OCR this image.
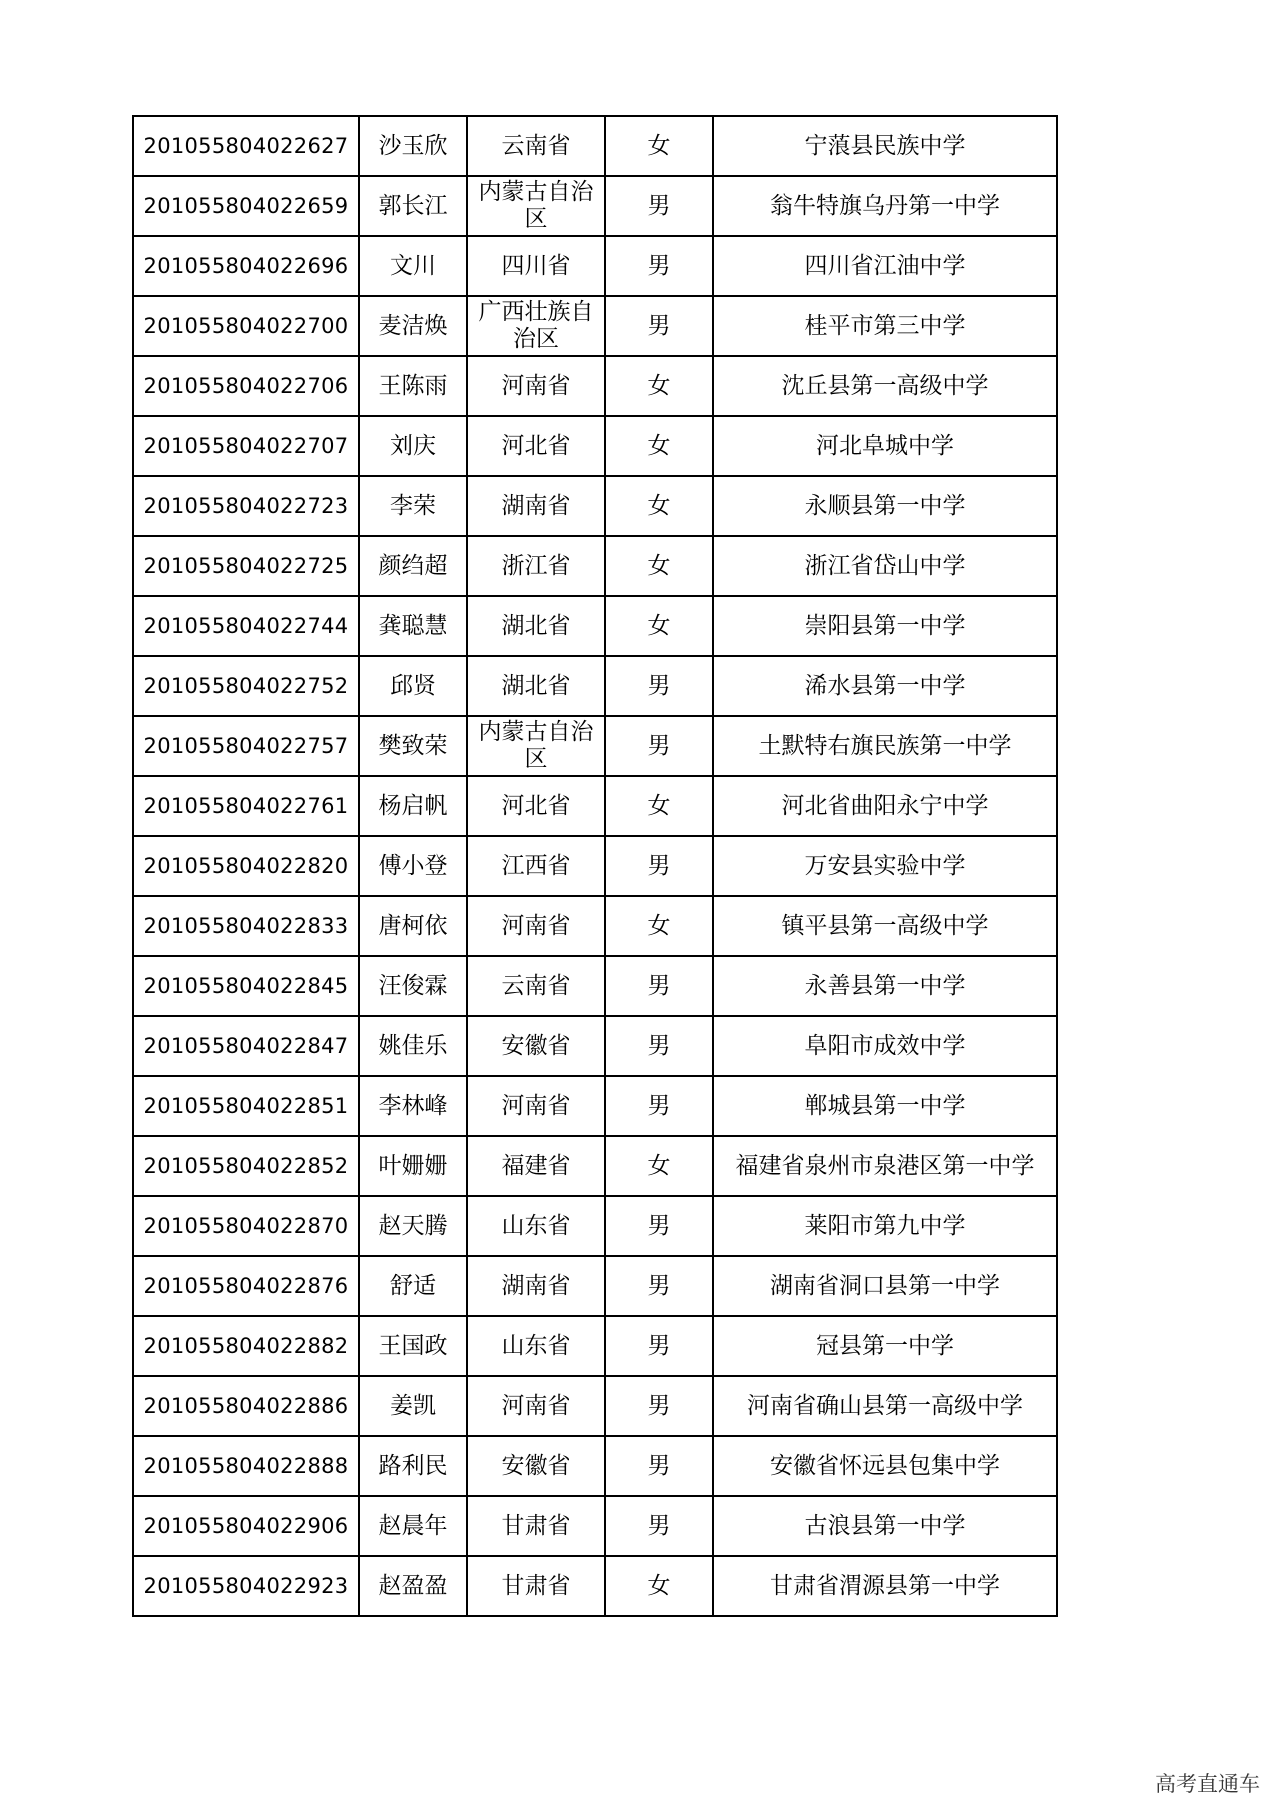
201055804022627	沙玉欣	云南省	女	宁蒗县民族中学
201055804022659	郭长江	内蒙古自治区	男	翁牛特旗乌丹第一中学
201055804022696	文川	四川省	男	四川省江油中学
201055804022700	麦洁焕	广西壮族自治区	男	桂平市第三中学
201055804022706	王陈雨	河南省	女	沈丘县第一高级中学
201055804022707	刘庆	河北省	女	河北阜城中学
201055804022723	李荣	湖南省	女	永顺县第一中学
201055804022725	颜绉超	浙江省	女	浙江省岱山中学
201055804022744	龚聪慧	湖北省	女	崇阳县第一中学
201055804022752	邱贤	湖北省	男	浠水县第一中学
201055804022757	樊致荣	内蒙古自治区	男	土默特右旗民族第一中学
201055804022761	杨启帆	河北省	女	河北省曲阳永宁中学
201055804022820	傅小登	江西省	男	万安县实验中学
201055804022833	唐柯依	河南省	女	镇平县第一高级中学
201055804022845	汪俊霖	云南省	男	永善县第一中学
201055804022847	姚佳乐	安徽省	男	阜阳市成效中学
201055804022851	李林峰	河南省	男	郸城县第一中学
201055804022852	叶姗姗	福建省	女	福建省泉州市泉港区第一中学
201055804022870	赵天腾	山东省	男	莱阳市第九中学
201055804022876	舒适	湖南省	男	湖南省洞口县第一中学
201055804022882	王国政	山东省	男	冠县第一中学
201055804022886	姜凯	河南省	男	河南省确山县第一高级中学
201055804022888	路利民	安徽省	男	安徽省怀远县包集中学
201055804022906	赵晨年	甘肃省	男	古浪县第一中学
201055804022923	赵盈盈	甘肃省	女	甘肃省渭源县第一中学
高考直通车
